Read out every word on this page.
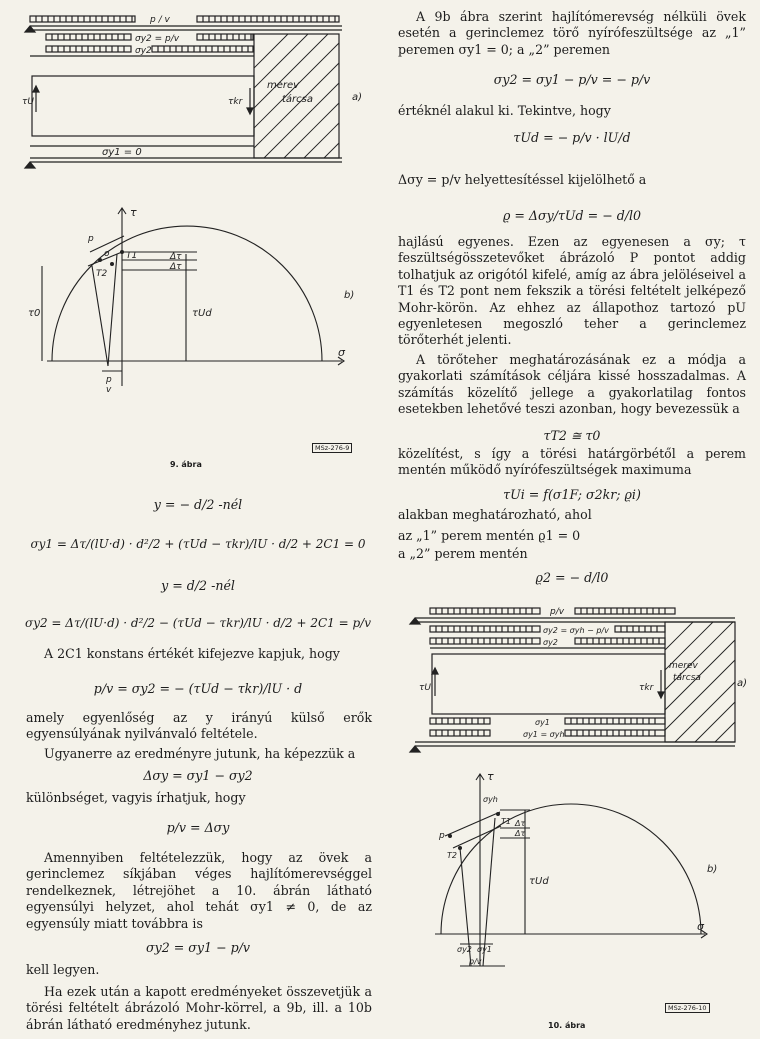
p / v
σy2 = p/v
σy2
σy1 = 0
τU	τkr
merev
tárcsa	a)
τ
σ
p
o T1
T2
Δτ
Δτ
τ0	τUd
p
v
b)
MSz-276-9
9. ábra
y = − d/2 -nél
σy1 = Δτ/(lU·d) · d²/2 + (τUd − τkr)/lU · d/2 + 2C1 = 0
y = d/2 -nél
σy2 = Δτ/(lU·d) · d²/2 − (τUd − τkr)/lU · d/2 + 2C1 = p/v

A 2C1 konstans értékét kifejezve kapjuk, hogy

p/v = σy2 = − (τUd − τkr)/lU · d

amely egyenlőség az y irányú külső erők egyensúlyának nyilvánvaló feltétele.

Ugyanerre az eredményre jutunk, ha képezzük a

Δσy = σy1 − σy2

különbséget, vagyis írhatjuk, hogy

p/v = Δσy

Amennyiben feltételezzük, hogy az övek a gerinclemez síkjában véges hajlítómerevséggel rendelkeznek, létrejöhet a 10. ábrán látható egyensúlyi helyzet, ahol tehát σy1 ≠ 0, de az egyensúly miatt továbbra is

σy2 = σy1 − p/v

kell legyen.

Ha ezek után a kapott eredményeket összevetjük a törési feltételt ábrázoló Mohr-körrel, a 9b, ill. a 10b ábrán látható eredményhez jutunk.

A 9b ábra szerint hajlítómerevség nélküli övek esetén a gerinclemez törő nyírófeszültsége az „1” peremen σy1 = 0; a „2” peremen

σy2 = σy1 − p/v = − p/v

értéknél alakul ki. Tekintve, hogy

τUd = − p/v · lU/d

Δσy = p/v helyettesítéssel kijelölhető a

ϱ = Δσy/τUd = − d/l0

hajlású egyenes. Ezen az egyenesen a σy; τ feszültségösszetevőket ábrázoló P pontot addig tolhatjuk az origótól kifelé, amíg az ábra jelöléseivel a T1 és T2 pont nem fekszik a törési feltételt jelképező Mohr-körön. Az ehhez az állapothoz tartozó pU egyenletesen megoszló teher a gerinclemez törőterhét jelenti.

A törőteher meghatározásának ez a módja a gyakorlati számítások céljára kissé hosszadalmas. A számítás közelítő jellege a gyakorlatilag fontos esetekben lehetővé teszi azonban, hogy bevezessük a

τT2 ≅ τ0

közelítést, s így a törési határgörbétől a perem mentén működő nyírófeszültségek maximuma

τUi = f(σ1F; σ2kr; ϱi)

alakban meghatározható, ahol

az „1” perem mentén ϱ1 = 0

a „2” perem mentén

ϱ2 = − d/l0
p/v
σy2 = σyh − p/v
σy2
σy1
σy1 = σyh
τU	τkr
merev
tárcsa	a)
τ
σ
σyh
p
T1
T2
Δτ
Δτ
τUd
σy2 σy1
p/v
b)
MSz-276-10
10. ábra
